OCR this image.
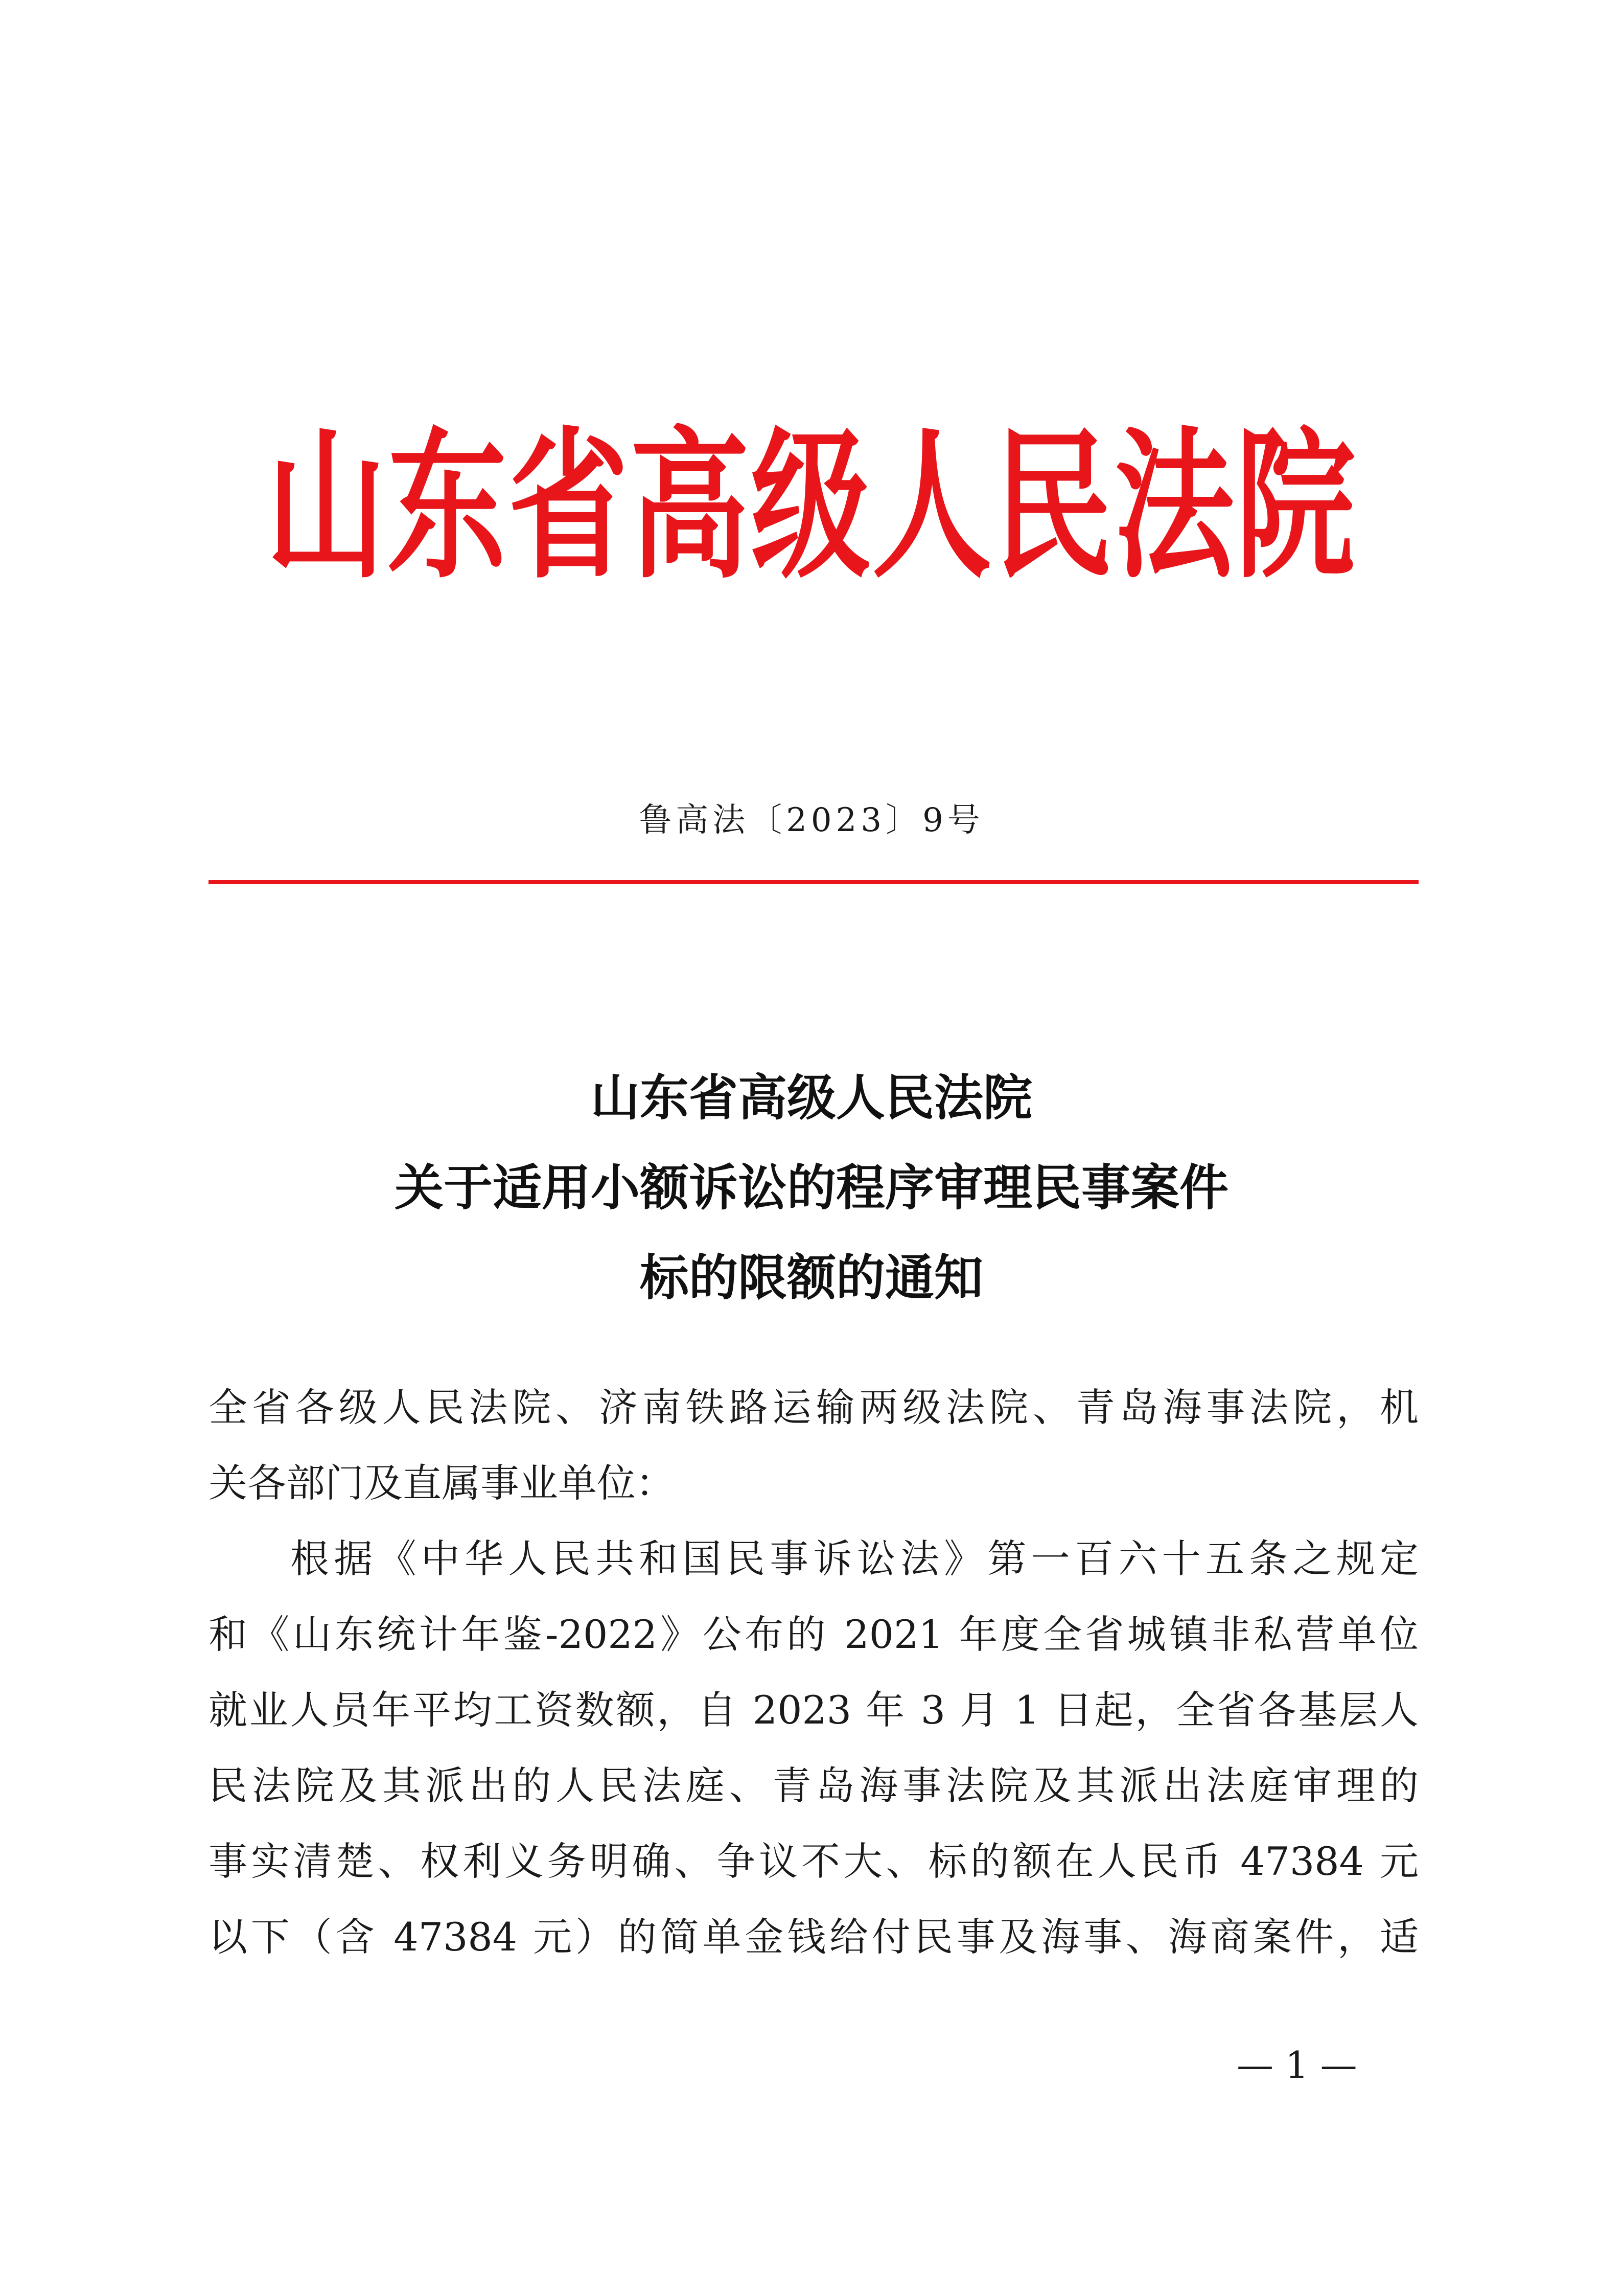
山东省高级人民法院
鲁高法〔2023〕9号
山东省高级人民法院
关于适用小额诉讼的程序审理民事案件
标的限额的通知
全省各级人民法院、济南铁路运输两级法院、青岛海事法院，机
关各部门及直属事业单位：
根据《中华人民共和国民事诉讼法》第一百六十五条之规定
和《山东统计年鉴-2022》公布的 2021 年度全省城镇非私营单位
就业人员年平均工资数额，自 2023 年 3 月 1 日起，全省各基层人
民法院及其派出的人民法庭、青岛海事法院及其派出法庭审理的
事实清楚、权利义务明确、争议不大、标的额在人民币 47384 元
以下（含 47384 元）的简单金钱给付民事及海事、海商案件，适
— 1 —
